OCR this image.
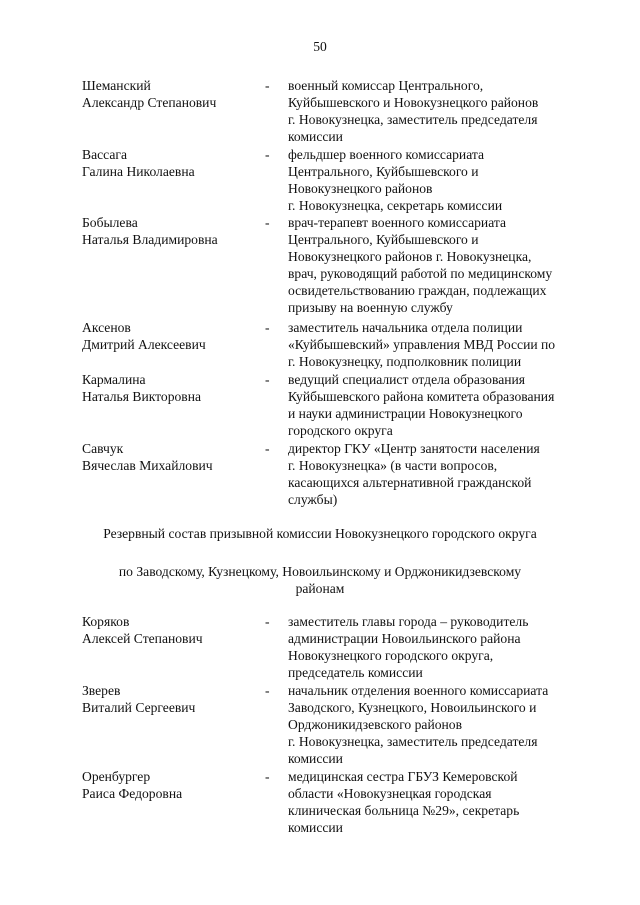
50
Шеманский
Александр Степанович
- военный комиссар Центрального,
Куйбышевского и Новокузнецкого районов
г. Новокузнецка, заместитель председателя
комиссии
Вассага
Галина Николаевна
- фельдшер военного комиссариата
Центрального, Куйбышевского и
Новокузнецкого районов
г. Новокузнецка, секретарь комиссии
Бобылева
Наталья Владимировна
- врач-терапевт военного комиссариата
Центрального, Куйбышевского и
Новокузнецкого районов г. Новокузнецка,
врач, руководящий работой по медицинскому
освидетельствованию граждан, подлежащих
призыву на военную службу
Аксенов
Дмитрий Алексеевич
- заместитель начальника отдела полиции
«Куйбышевский» управления МВД России по
г. Новокузнецку, подполковник полиции
Кармалина
Наталья Викторовна
- ведущий специалист отдела образования
Куйбышевского района комитета образования
и науки администрации Новокузнецкого
городского округа
Савчук
Вячеслав Михайлович
- директор ГКУ «Центр занятости населения
г. Новокузнецка» (в части вопросов,
касающихся альтернативной гражданской
службы)
Резервный состав призывной комиссии Новокузнецкого городского округа
по Заводскому, Кузнецкому, Новоильинскому и Орджоникидзевскому
районам
Коряков
Алексей Степанович
- заместитель главы города – руководитель
администрации Новоильинского района
Новокузнецкого городского округа,
председатель комиссии
Зверев
Виталий Сергеевич
- начальник отделения военного комиссариата
Заводского, Кузнецкого, Новоильинского и
Орджоникидзевского районов
г. Новокузнецка, заместитель председателя
комиссии
Оренбургер
Раиса Федоровна
- медицинская сестра ГБУЗ Кемеровской
области «Новокузнецкая городская
клиническая больница №29», секретарь
комиссии
